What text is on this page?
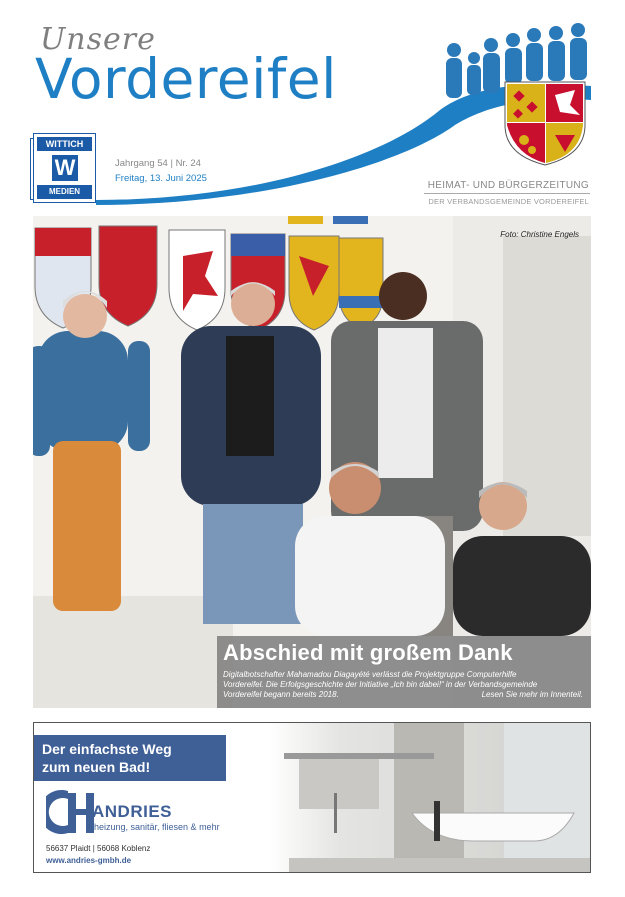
Unsere
Vordereifel
WITTICH
W
MEDIEN
Jahrgang 54 | Nr. 24
Freitag, 13. Juni 2025
HEIMAT- UND BÜRGERZEITUNG
DER VERBANDSGEMEINDE VORDEREIFEL
Foto: Christine Engels
Abschied mit großem Dank
Digitalbotschafter Mahamadou Diagayété verlässt die Projektgruppe Computerhilfe
Vordereifel. Die Erfolgsgeschichte der Initiative „Ich bin dabei!“ in der Verbandsgemeinde
Vordereifel begann bereits 2018.	Lesen Sie mehr im Innenteil.
Der einfachste Weg
zum neuen Bad!
ANDRIES
heizung, sanitär, fliesen & mehr
56637 Plaidt | 56068 Koblenz
www.andries-gmbh.de
